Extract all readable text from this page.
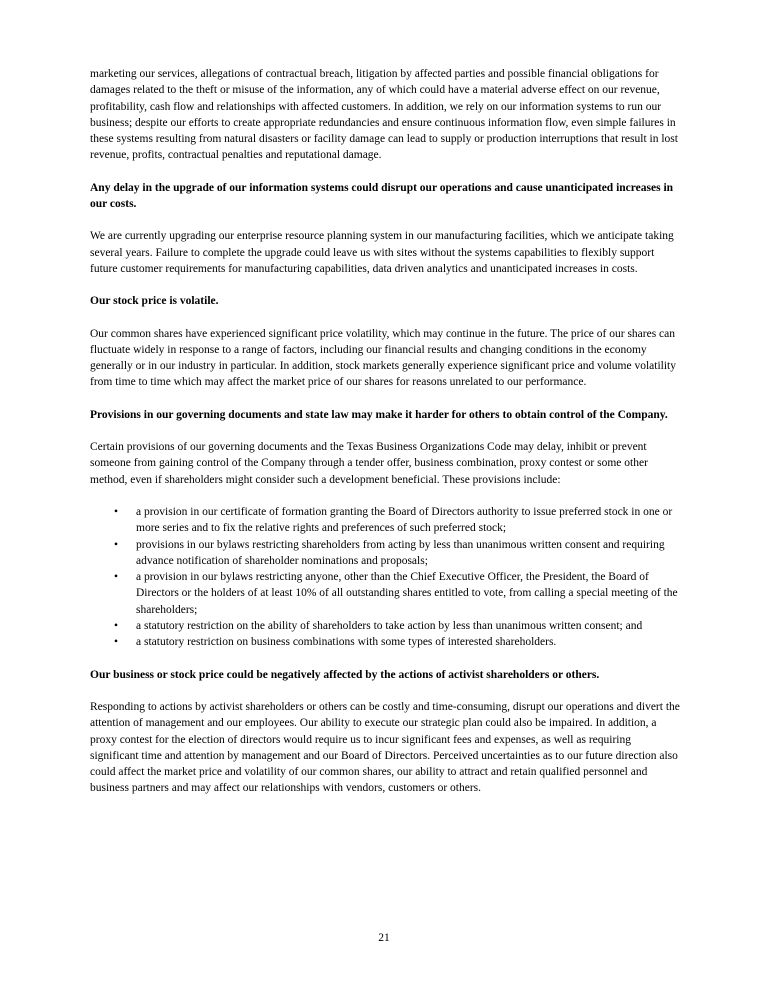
marketing our services, allegations of contractual breach, litigation by affected parties and possible financial obligations for damages related to the theft or misuse of the information, any of which could have a material adverse effect on our revenue, profitability, cash flow and relationships with affected customers. In addition, we rely on our information systems to run our business; despite our efforts to create appropriate redundancies and ensure continuous information flow, even simple failures in these systems resulting from natural disasters or facility damage can lead to supply or production interruptions that result in lost revenue, profits, contractual penalties and reputational damage.

Any delay in the upgrade of our information systems could disrupt our operations and cause unanticipated increases in our costs.

We are currently upgrading our enterprise resource planning system in our manufacturing facilities, which we anticipate taking several years. Failure to complete the upgrade could leave us with sites without the systems capabilities to flexibly support future customer requirements for manufacturing capabilities, data driven analytics and unanticipated increases in costs.

Our stock price is volatile.

Our common shares have experienced significant price volatility, which may continue in the future. The price of our shares can fluctuate widely in response to a range of factors, including our financial results and changing conditions in the economy generally or in our industry in particular. In addition, stock markets generally experience significant price and volume volatility from time to time which may affect the market price of our shares for reasons unrelated to our performance.

Provisions in our governing documents and state law may make it harder for others to obtain control of the Company.

Certain provisions of our governing documents and the Texas Business Organizations Code may delay, inhibit or prevent someone from gaining control of the Company through a tender offer, business combination, proxy contest or some other method, even if shareholders might consider such a development beneficial. These provisions include:

• a provision in our certificate of formation granting the Board of Directors authority to issue preferred stock in one or more series and to fix the relative rights and preferences of such preferred stock;
• provisions in our bylaws restricting shareholders from acting by less than unanimous written consent and requiring advance notification of shareholder nominations and proposals;
• a provision in our bylaws restricting anyone, other than the Chief Executive Officer, the President, the Board of Directors or the holders of at least 10% of all outstanding shares entitled to vote, from calling a special meeting of the shareholders;
• a statutory restriction on the ability of shareholders to take action by less than unanimous written consent; and
• a statutory restriction on business combinations with some types of interested shareholders.

Our business or stock price could be negatively affected by the actions of activist shareholders or others.

Responding to actions by activist shareholders or others can be costly and time-consuming, disrupt our operations and divert the attention of management and our employees. Our ability to execute our strategic plan could also be impaired. In addition, a proxy contest for the election of directors would require us to incur significant fees and expenses, as well as requiring significant time and attention by management and our Board of Directors. Perceived uncertainties as to our future direction also could affect the market price and volatility of our common shares, our ability to attract and retain qualified personnel and business partners and may affect our relationships with vendors, customers or others.

21
